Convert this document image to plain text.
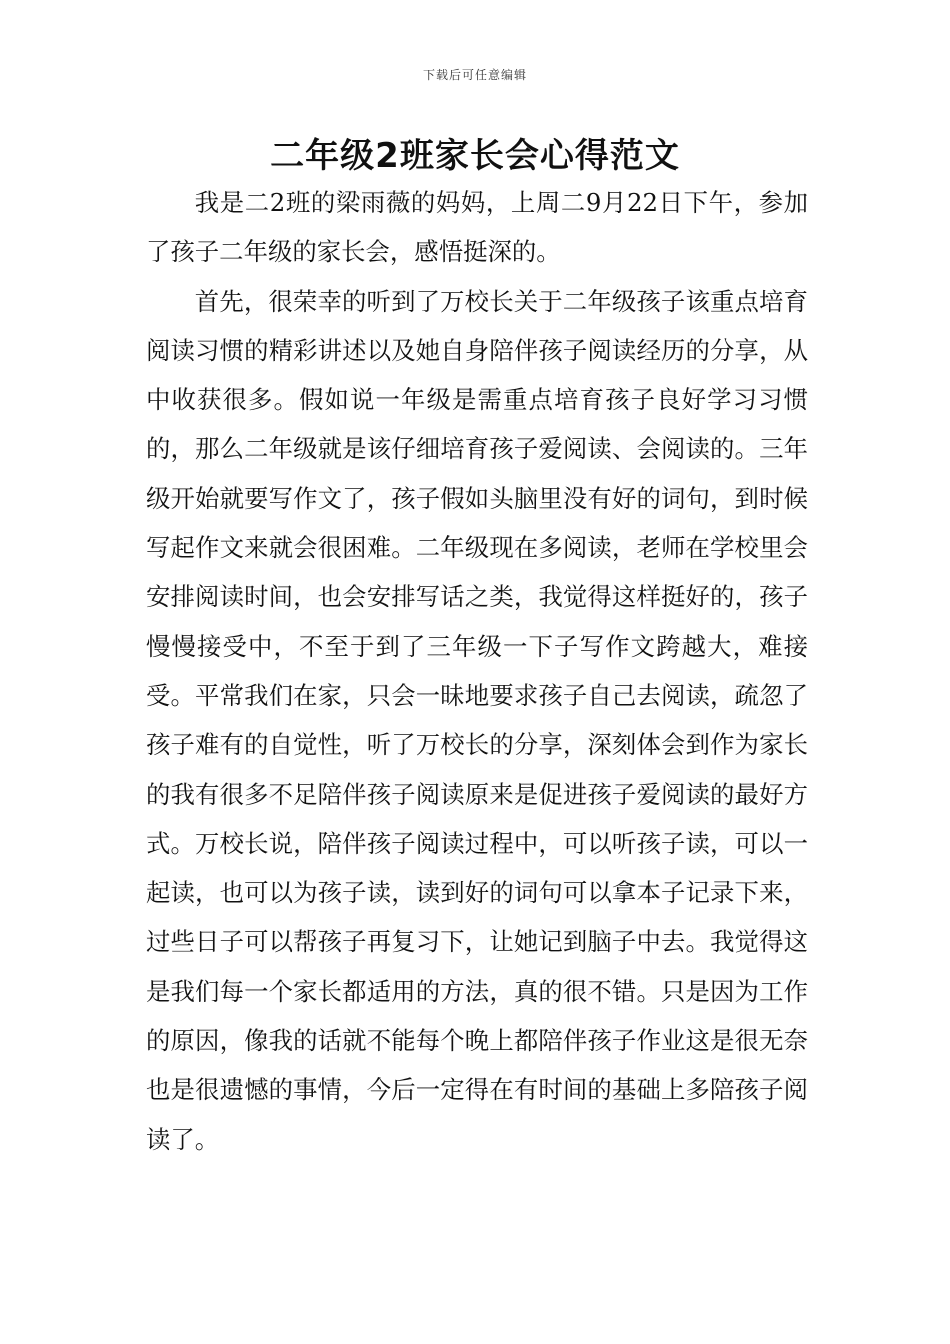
下载后可任意编辑
二年级2班家长会心得范文

我是二2班的梁雨薇的妈妈，上周二9月22日下午，参加了孩子二年级的家长会，感悟挺深的。

首先，很荣幸的听到了万校长关于二年级孩子该重点培育阅读习惯的精彩讲述以及她自身陪伴孩子阅读经历的分享，从中收获很多。假如说一年级是需重点培育孩子良好学习习惯的，那么二年级就是该仔细培育孩子爱阅读、会阅读的。三年级开始就要写作文了，孩子假如头脑里没有好的词句，到时候写起作文来就会很困难。二年级现在多阅读，老师在学校里会安排阅读时间，也会安排写话之类，我觉得这样挺好的，孩子慢慢接受中，不至于到了三年级一下子写作文跨越大，难接受。平常我们在家，只会一昧地要求孩子自己去阅读，疏忽了孩子难有的自觉性，听了万校长的分享，深刻体会到作为家长的我有很多不足陪伴孩子阅读原来是促进孩子爱阅读的最好方式。万校长说，陪伴孩子阅读过程中，可以听孩子读，可以一起读，也可以为孩子读，读到好的词句可以拿本子记录下来，过些日子可以帮孩子再复习下，让她记到脑子中去。我觉得这是我们每一个家长都适用的方法，真的很不错。只是因为工作的原因，像我的话就不能每个晚上都陪伴孩子作业这是很无奈也是很遗憾的事情，今后一定得在有时间的基础上多陪孩子阅读了。
